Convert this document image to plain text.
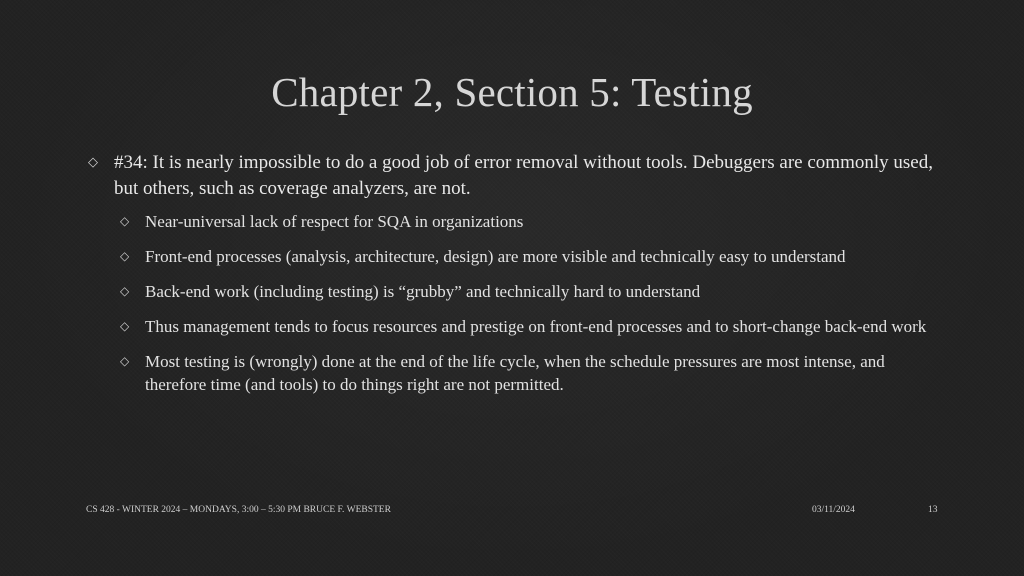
Chapter 2, Section 5: Testing
◇ #34: It is nearly impossible to do a good job of error removal without tools. Debuggers are commonly used, but others, such as coverage analyzers, are not.
◇ Near-universal lack of respect for SQA in organizations
◇ Front-end processes (analysis, architecture, design) are more visible and technically easy to understand
◇ Back-end work (including testing) is “grubby” and technically hard to understand
◇ Thus management tends to focus resources and prestige on front-end processes and to short-change back-end work
◇ Most testing is (wrongly) done at the end of the life cycle, when the schedule pressures are most intense, and therefore time (and tools) to do things right are not permitted.
CS 428 - WINTER 2024 – MONDAYS, 3:00 – 5:30 PM BRUCE F. WEBSTER	03/11/2024	13
